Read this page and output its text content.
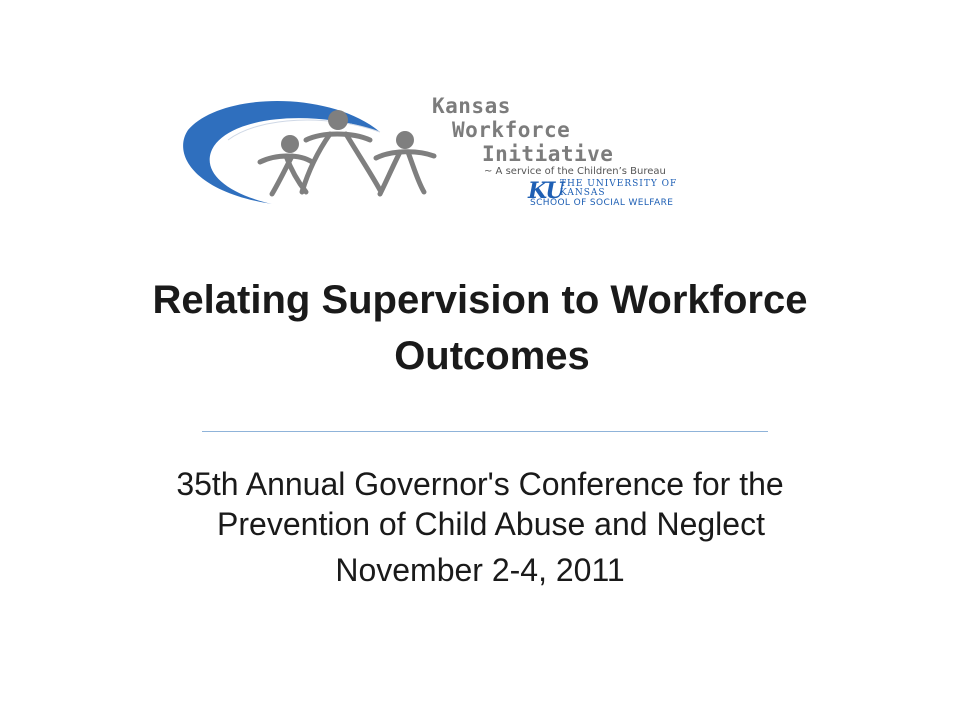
Kansas
Workforce
Initiative
~ A service of the Children’s Bureau
KU
THE UNIVERSITY OF
KANSAS
SCHOOL OF SOCIAL WELFARE
Relating Supervision to Workforce
Outcomes
35th Annual Governor's Conference for the
Prevention of Child Abuse and Neglect
November 2-4, 2011
